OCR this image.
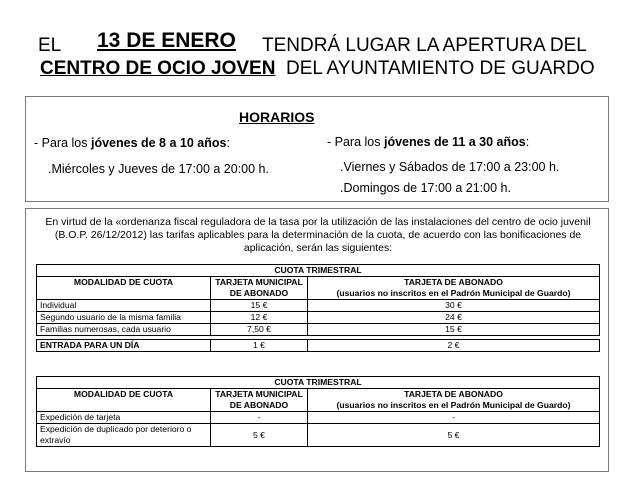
EL 13 DE ENERO TENDRÁ LUGAR LA APERTURA DEL
CENTRO DE OCIO JOVEN DEL AYUNTAMIENTO DE GUARDO
HORARIOS
- Para los jóvenes de 8 a 10 años:
.Miércoles y Jueves de 17:00 a 20:00 h.
- Para los jóvenes de 11 a 30 años:
.Viernes y Sábados de 17:00 a 23:00 h.
.Domingos de 17:00 a 21:00 h.
En virtud de la «ordenanza fiscal reguladora de la tasa por la utilización de las instalaciones del centro de ocio juvenil (B.O.P. 26/12/2012) las tarifas aplicables para la determinación de la cuota, de acuerdo con las bonificaciones de aplicación, serán las siguientes:
CUOTA TRIMESTRAL		
MODALIDAD DE CUOTA	TARJETA MUNICIPAL DE ABONADO	TARJETA DE ABONADO
(usuarios no inscritos en el Padrón Municipal de Guardo)
Individual	15 €	30 €
Segundo usuario de la misma familia	12 €	24 €
Familias numerosas, cada usuario	7,50 €	15 €

ENTRADA PARA UN DÍA	1 €	2 €
CUOTA TRIMESTRAL		
MODALIDAD DE CUOTA	TARJETA MUNICIPAL DE ABONADO	TARJETA DE ABONADO
(usuarios no inscritos en el Padrón Municipal de Guardo)
Expedición de tarjeta	-	-
Expedición de duplicado por deterioro o extravío	5 €	5 €
